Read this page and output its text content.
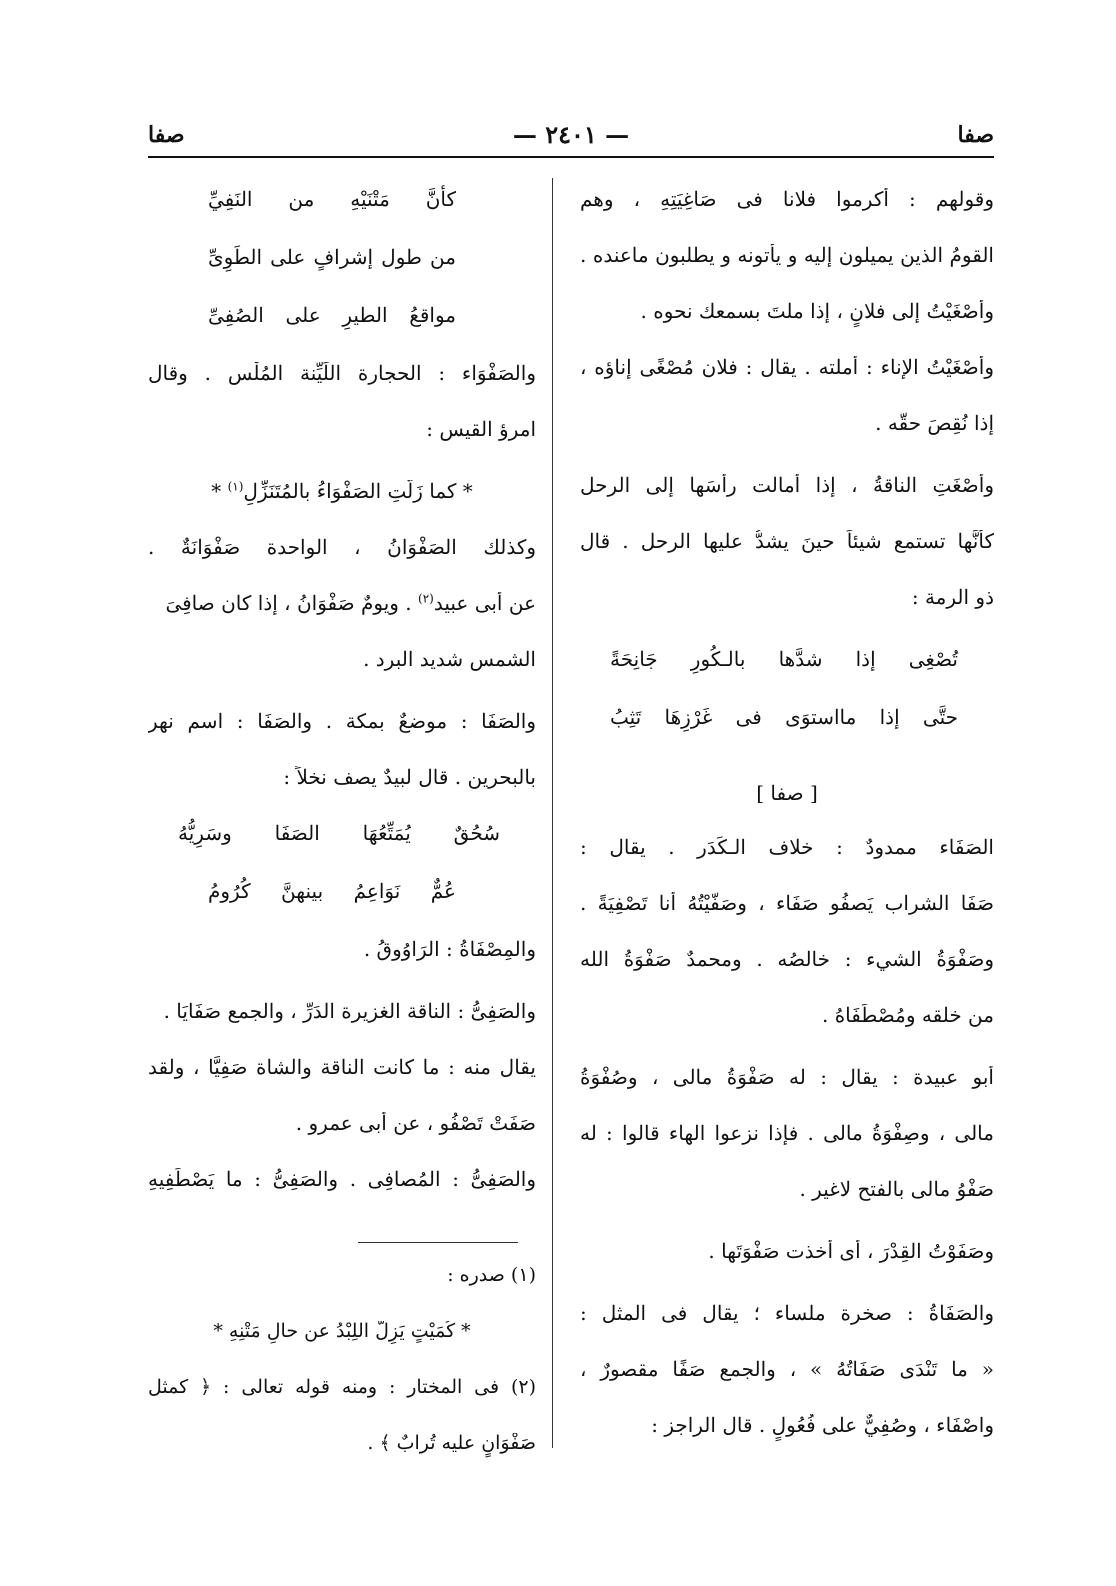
صفا
— ٢٤٠١ —
صفا
وقولهم : أكرموا فلانا فى صَاغِيَتِهِ ، وهم
القومُ الذين يميلون إليه و يأتونه و يطلبون ماعنده .
وأَصْغَيْتُ إلى فلانٍ ، إذا ملتَ بسمعك نحوه .
وأَصْغَيْتُ الإناء : أملته . يقال : فلان مُصْغًى إناؤه ،
إذا نُقِصَ حقُّه .
وأَصْغَتِ الناقةُ ، إذا أمالت رأسَها إلى الرحل
كأنَّها تستمع شيئاً حينَ يشدُّ عليها الرحل . قال
ذو الرمة :
تُصْغِى إذا شدَّها بالـكُورِ جَانِحَةً
حتَّى إذا مااستوَى فى غَرْزِهَا تَثِبُ
[ صفا ]
الصَفَاء ممدودٌ : خلاف الـكَدَر . يقال :
صَفَا الشراب يَصفُو صَفَاء ، وصَفَّيْتُهُ أنا تَصْفِيَةً .
وصَفْوَةُ الشيء : خالصُه . ومحمدٌ صَفْوَةُ الله
من خلقه ومُصْطَفَاهُ .
أبو عبيدة : يقال : له صَفْوَةُ مالى ، وصُفْوَةُ
مالى ، وصِفْوَةُ مالى . فإذا نزعوا الهاء قالوا : له
صَفْوُ مالى بالفتح لاغير .
وصَفَوْتُ القِدْرَ ، أى أخذت صَفْوَتَها .
والصَفَاةُ : صخرة ملساء ؛ يقال فى المثل :
« ما تَنْدَى صَفَاتُهُ » ، والجمع صَفًا مقصورٌ ،
واصْفَاء ، وصُفِيٌّ على فُعُولٍ . قال الراجز :
كأنَّ مَتْنَيْهِ من النَفِيِّ
من طول إشرافٍ على الطَوِىِّ
مواقعُ الطيرِ على الصُفِىِّ
والصَفْوَاء : الحجارة اللَيِّنة المُلْس . وقال
امرؤ القيس :
* كما زَلَّتِ الصَفْوَاءُ بالمُتَنَزِّلِ$^{(١)}$ *
وكذلك الصَفْوَانُ ، الواحدة صَفْوَانَةٌ .
عن أبى عبيد$^{(٢)}$ . ويومٌ صَفْوَانُ ، إذا كان صافِىَ
الشمس شديد البرد .
والصَفَا : موضعٌ بمكة . والصَفَا : اسم نهر
بالبحرين . قال لبيدٌ يصف نخلاً :
سُحُقٌ يُمَتِّعُهَا الصَفَا وسَرِيُّهُ
عُمٌّ نَوَاعِمُ بينهنَّ كُرُومُ
والمِصْفَاةُ : الرَاوُوقُ .
والصَفِىُّ : الناقة الغزيرة الدَرِّ ، والجمع صَفَايَا .
يقال منه : ما كانت الناقة والشاة صَفِيًّا ، ولقد
صَفَتْ تَصْفُو ، عن أبى عمرو .
والصَفِىُّ : المُصافِى . والصَفِىُّ : ما يَصْطَفِيهِ
(١) صدره :
* كُمَيْتٍ يَزِلُّ اللِبْدُ عن حالِ مَتْنِهِ *
(٢) فى المختار : ومنه قوله تعالى : ﴿ كمثل
صَفْوَانٍ عليه تُرابٌ ﴾ .
